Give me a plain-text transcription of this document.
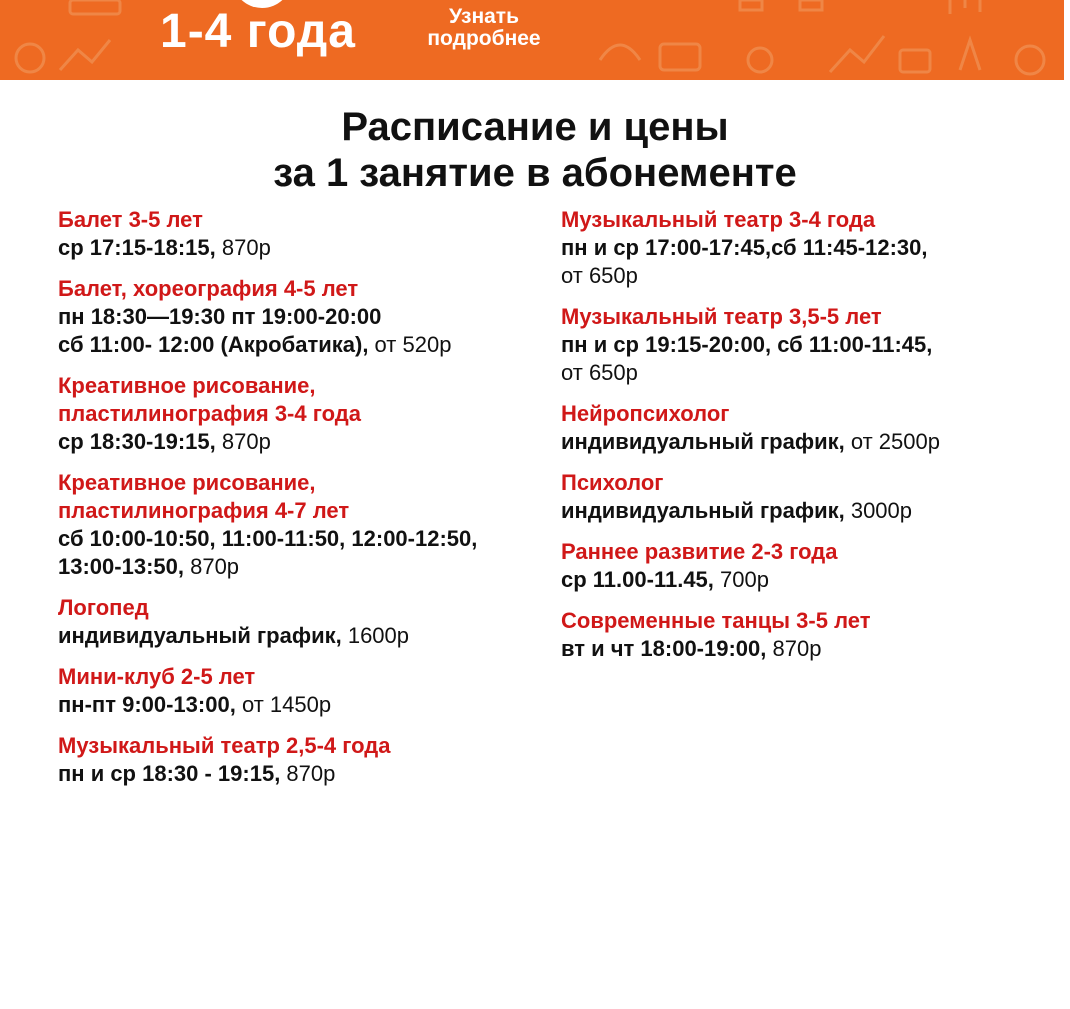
1-4 года	Узнать
подробнее
Расписание и цены
за 1 занятие в абонементе
Балет 3-5 лет
ср 17:15-18:15, 870р
Балет, хореография 4-5 лет
пн 18:30—19:30 пт 19:00-20:00
сб 11:00- 12:00 (Акробатика), от 520р
Креативное рисование,
пластилинография 3-4 года
ср 18:30-19:15, 870р
Креативное рисование,
пластилинография 4-7 лет
сб 10:00-10:50, 11:00-11:50, 12:00-12:50,
13:00-13:50, 870р
Логопед
индивидуальный график, 1600р
Мини-клуб 2-5 лет
пн-пт 9:00-13:00, от 1450р
Музыкальный театр 2,5-4 года
пн и ср 18:30 - 19:15, 870р
Музыкальный театр 3-4 года
пн и ср 17:00-17:45,сб 11:45-12:30,
от 650р
Музыкальный театр 3,5-5 лет
пн и ср 19:15-20:00, сб 11:00-11:45,
от 650р
Нейропсихолог
индивидуальный график, от 2500р
Психолог
индивидуальный график, 3000р
Раннее развитие 2-3 года
ср 11.00-11.45, 700р
Современные танцы 3-5 лет
вт и чт 18:00-19:00, 870р
